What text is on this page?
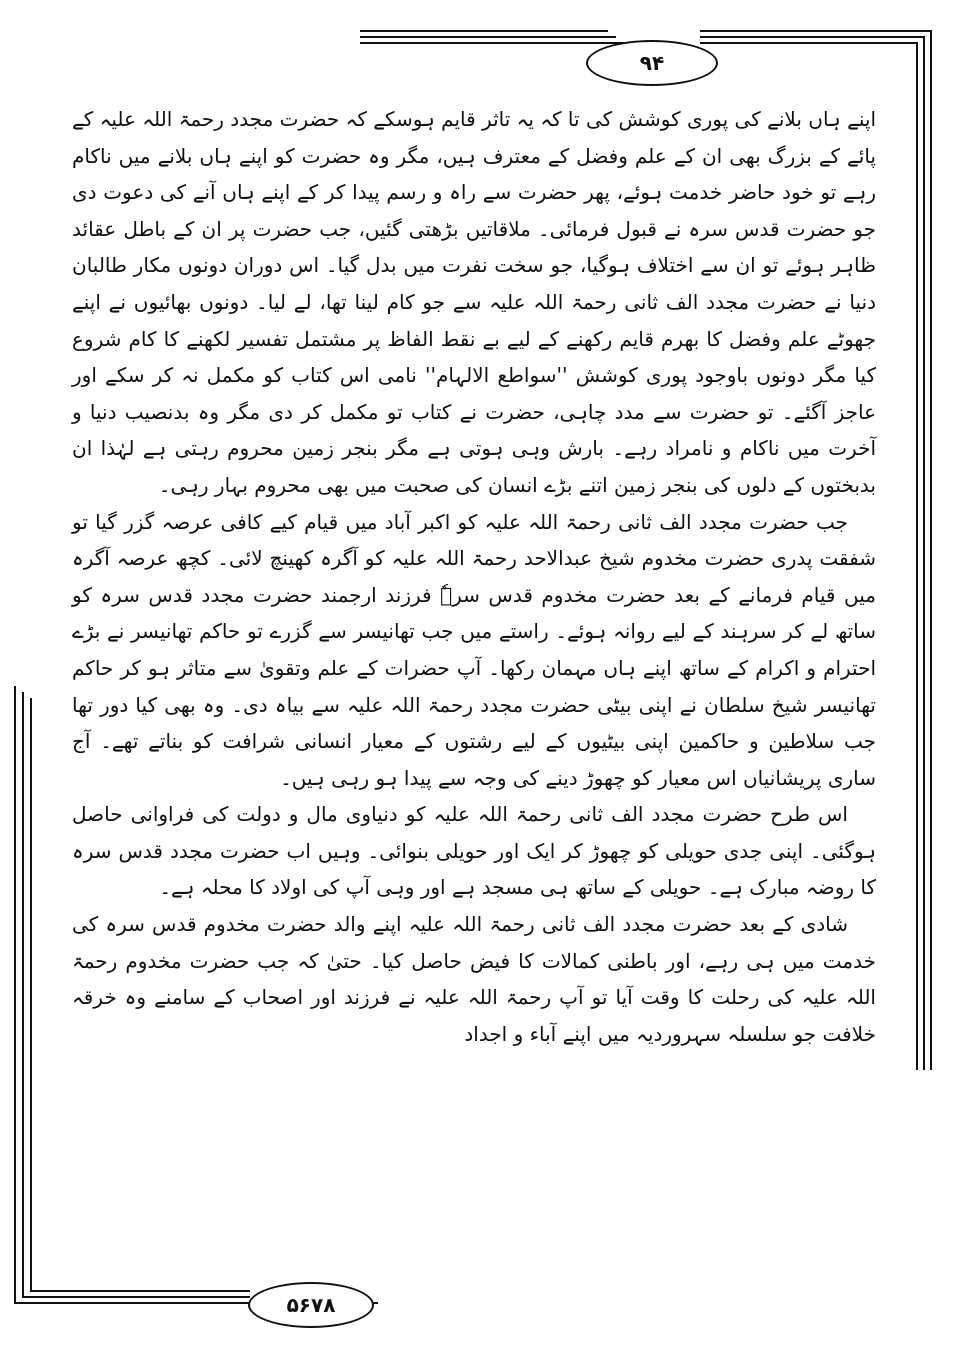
۹۴
۵۶۷۸

اپنے ہاں بلانے کی پوری کوشش کی تا کہ یہ تاثر قایم ہوسکے کہ حضرت مجدد رحمۃ اللہ علیہ کے پائے کے بزرگ بھی ان کے علم وفضل کے معترف ہیں، مگر وہ حضرت کو اپنے ہاں بلانے میں ناکام رہے تو خود حاضر خدمت ہوئے، پھر حضرت سے راہ و رسم پیدا کر کے اپنے ہاں آنے کی دعوت دی جو حضرت قدس سرہ نے قبول فرمائی۔ ملاقاتیں بڑھتی گئیں، جب حضرت پر ان کے باطل عقائد ظاہر ہوئے تو ان سے اختلاف ہوگیا، جو سخت نفرت میں بدل گیا۔ اس دوران دونوں مکار طالبان دنیا نے حضرت مجدد الف ثانی رحمۃ اللہ علیہ سے جو کام لینا تھا، لے لیا۔ دونوں بھائیوں نے اپنے جھوٹے علم وفضل کا بھرم قایم رکھنے کے لیے بے نقط الفاظ پر مشتمل تفسیر لکھنے کا کام شروع کیا مگر دونوں باوجود پوری کوشش ''سواطع الالہام'' نامی اس کتاب کو مکمل نہ کر سکے اور عاجز آگئے۔ تو حضرت سے مدد چاہی، حضرت نے کتاب تو مکمل کر دی مگر وہ بدنصیب دنیا و آخرت میں ناکام و نامراد رہے۔ بارش وہی ہوتی ہے مگر بنجر زمین محروم رہتی ہے لہٰذا ان بدبختوں کے دلوں کی بنجر زمین اتنے بڑے انسان کی صحبت میں بھی محروم بہار رہی۔

جب حضرت مجدد الف ثانی رحمۃ اللہ علیہ کو اکبر آباد میں قیام کیے کافی عرصہ گزر گیا تو شفقت پدری حضرت مخدوم شیخ عبدالاحد رحمۃ اللہ علیہ کو آگرہ کھینچ لائی۔ کچھ عرصہ آگرہ میں قیام فرمانے کے بعد حضرت مخدوم قدس سرہٗ فرزند ارجمند حضرت مجدد قدس سرہ کو ساتھ لے کر سرہند کے لیے روانہ ہوئے۔ راستے میں جب تھانیسر سے گزرے تو حاکم تھانیسر نے بڑے احترام و اکرام کے ساتھ اپنے ہاں مہمان رکھا۔ آپ حضرات کے علم وتقویٰ سے متاثر ہو کر حاکم تھانیسر شیخ سلطان نے اپنی بیٹی حضرت مجدد رحمۃ اللہ علیہ سے بیاہ دی۔ وہ بھی کیا دور تھا جب سلاطین و حاکمین اپنی بیٹیوں کے لیے رشتوں کے معیار انسانی شرافت کو بناتے تھے۔ آج ساری پریشانیاں اس معیار کو چھوڑ دینے کی وجہ سے پیدا ہو رہی ہیں۔

اس طرح حضرت مجدد الف ثانی رحمۃ اللہ علیہ کو دنیاوی مال و دولت کی فراوانی حاصل ہوگئی۔ اپنی جدی حویلی کو چھوڑ کر ایک اور حویلی بنوائی۔ وہیں اب حضرت مجدد قدس سرہ کا روضہ مبارک ہے۔ حویلی کے ساتھ ہی مسجد ہے اور وہی آپ کی اولاد کا محلہ ہے۔

شادی کے بعد حضرت مجدد الف ثانی رحمۃ اللہ علیہ اپنے والد حضرت مخدوم قدس سرہ کی خدمت میں ہی رہے، اور باطنی کمالات کا فیض حاصل کیا۔ حتیٰ کہ جب حضرت مخدوم رحمۃ اللہ علیہ کی رحلت کا وقت آیا تو آپ رحمۃ اللہ علیہ نے فرزند اور اصحاب کے سامنے وہ خرقہ خلافت جو سلسلہ سہروردیہ میں اپنے آباء و اجداد
